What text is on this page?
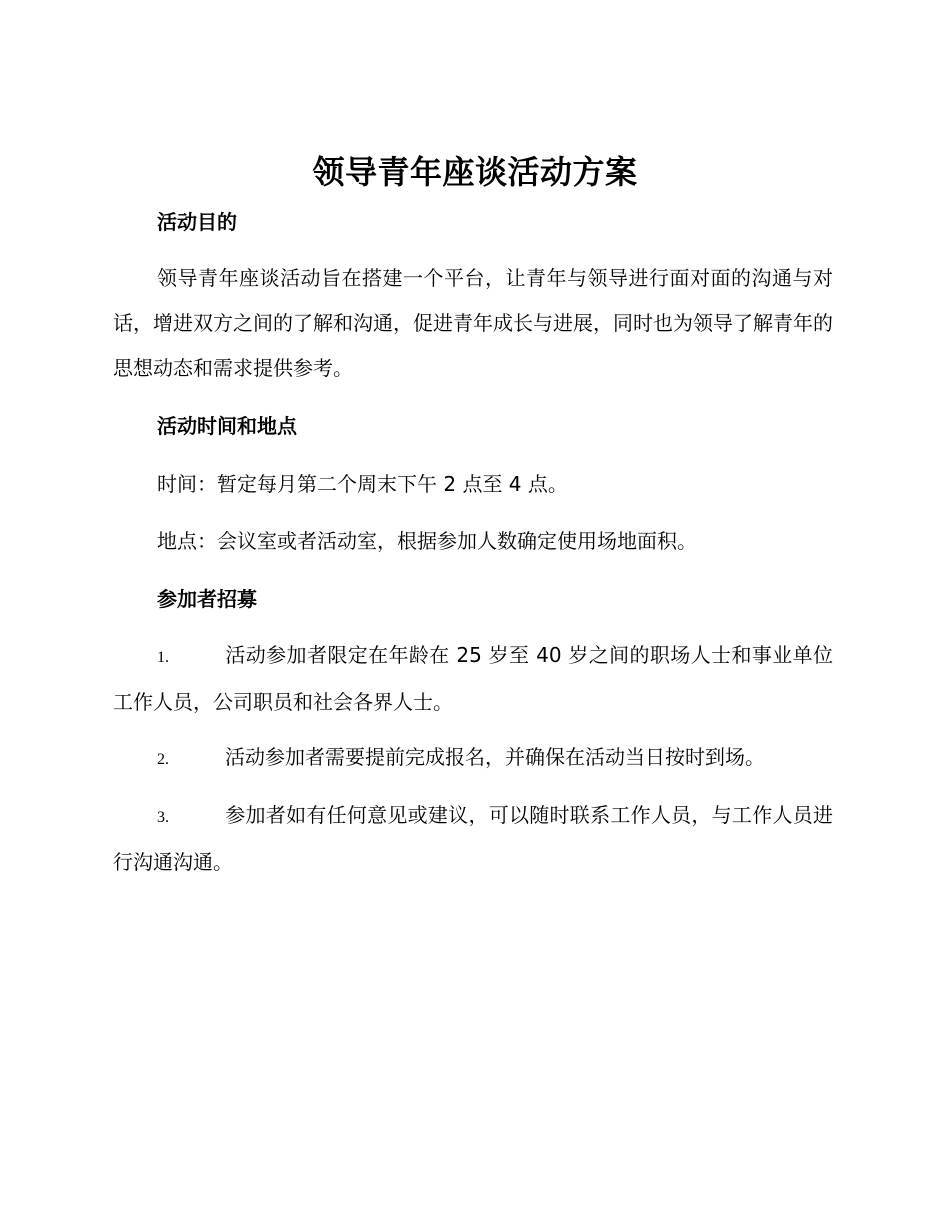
领导青年座谈活动方案
活动目的
领导青年座谈活动旨在搭建一个平台，让青年与领导进行面对面的沟通与对话，增进双方之间的了解和沟通，促进青年成长与进展，同时也为领导了解青年的思想动态和需求提供参考。
活动时间和地点
时间：暂定每月第二个周末下午 2 点至 4 点。
地点：会议室或者活动室，根据参加人数确定使用场地面积。
参加者招募
1.	活动参加者限定在年龄在 25 岁至 40 岁之间的职场人士和事业单位工作人员，公司职员和社会各界人士。
2.	活动参加者需要提前完成报名，并确保在活动当日按时到场。
3.	参加者如有任何意见或建议，可以随时联系工作人员，与工作人员进行沟通沟通。
